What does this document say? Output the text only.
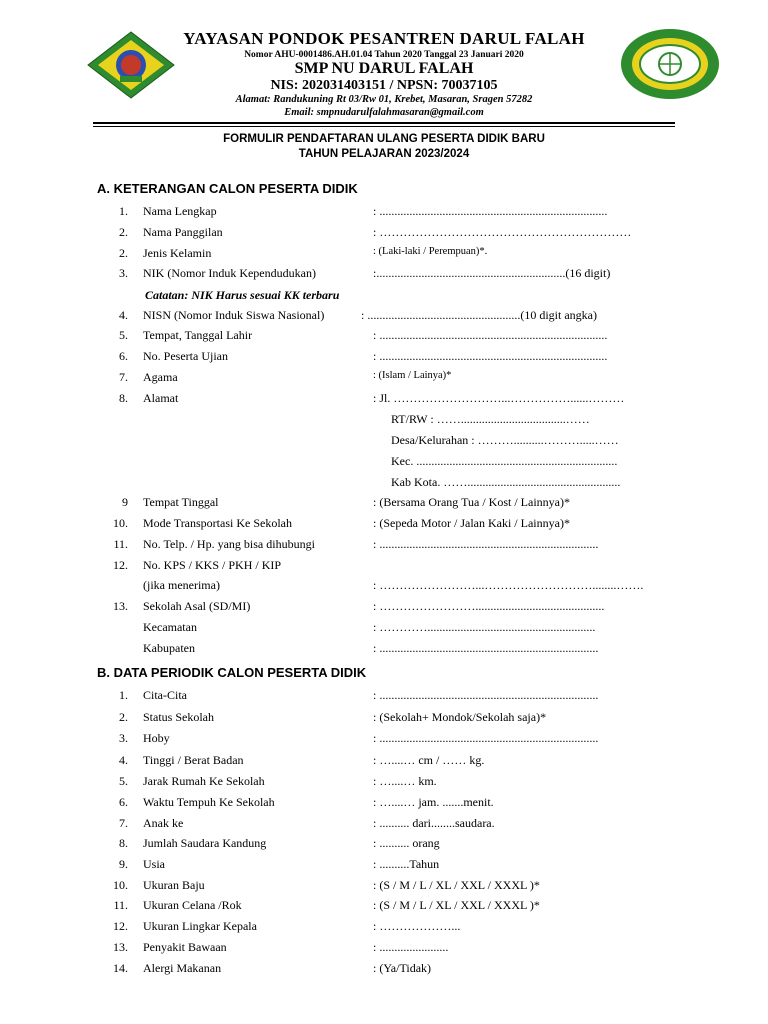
YAYASAN PONDOK PESANTREN DARUL FALAH
Nomor AHU-0001486.AH.01.04 Tahun 2020 Tanggal 23 Januari 2020
SMP NU DARUL FALAH
NIS: 202031403151 / NPSN: 70037105
Alamat: Randukuning Rt 03/Rw 01, Krebet, Masaran, Sragen 57282
Email: smpnudarulfalahmasaran@gmail.com
FORMULIR PENDAFTARAN ULANG PESERTA DIDIK BARU
TAHUN PELAJARAN 2023/2024
A. KETERANGAN CALON PESERTA DIDIK
1. Nama Lengkap	: ............................................................................
2. Nama Panggilan	: ………………………………………………………
2. Jenis Kelamin	: (Laki-laki / Perempuan)*.
3. NIK (Nomor Induk Kependudukan)	:...............................................................(16 digit)
Catatan: NIK Harus sesuai KK terbaru
4. NISN (Nomor Induk Siswa Nasional)	: ...................................................(10 digit angka)
5. Tempat, Tanggal Lahir	: ............................................................................
6. No. Peserta Ujian	: ............................................................................
7. Agama	: (Islam / Lainya)*
8. Alamat	: Jl. ………………………...……………......………
RT/RW : ……...................................……
Desa/Kelurahan : ………..........……….....……
Kec. ...................................................................
Kab Kota. ……...................................................
9 Tempat Tinggal	: (Bersama Orang Tua / Kost / Lainnya)*
10. Mode Transportasi Ke Sekolah	: (Sepeda Motor / Jalan Kaki / Lainnya)*
11. No. Telp. / Hp. yang bisa dihubungi	: .........................................................................
12. No. KPS / KKS / PKH / KIP
(jika menerima)	: ……………………...………………………........…….
13. Sekolah Asal (SD/MI)	: ……………………...........................................
Kecamatan	: …………........................................................
Kabupaten	: .........................................................................
B. DATA PERIODIK CALON PESERTA DIDIK
1. Cita-Cita	: .........................................................................
2. Status Sekolah	: (Sekolah+ Mondok/Sekolah saja)*
3. Hoby	: .........................................................................
4. Tinggi / Berat Badan	: …....… cm / …… kg.
5. Jarak Rumah Ke Sekolah	: …....… km.
6. Waktu Tempuh Ke Sekolah	: …....… jam. .......menit.
7. Anak ke	: .......... dari........saudara.
8. Jumlah Saudara Kandung	: .......... orang
9. Usia	: ..........Tahun
10. Ukuran Baju	: (S / M / L / XL / XXL / XXXL )*
11. Ukuran Celana /Rok	: (S / M / L / XL / XXL / XXXL )*
12. Ukuran Lingkar Kepala	: ………………...
13. Penyakit Bawaan	: .......................
14. Alergi Makanan	: (Ya/Tidak)
